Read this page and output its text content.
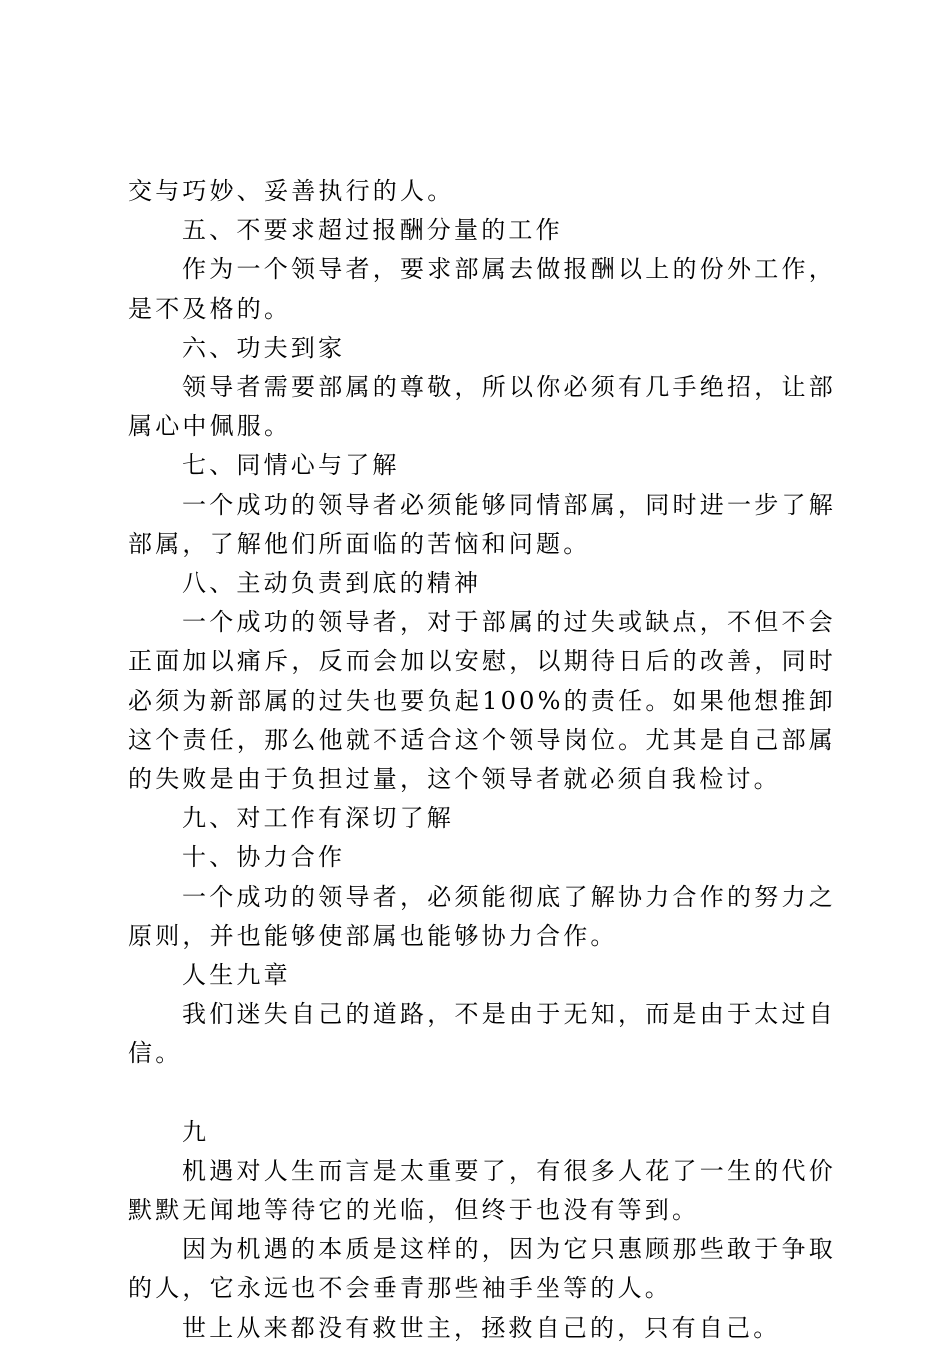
交与巧妙、妥善执行的人。

五、不要求超过报酬分量的工作

作为一个领导者，要求部属去做报酬以上的份外工作，是不及格的。

六、功夫到家

领导者需要部属的尊敬，所以你必须有几手绝招，让部属心中佩服。

七、同情心与了解

一个成功的领导者必须能够同情部属，同时进一步了解部属，了解他们所面临的苦恼和问题。

八、主动负责到底的精神

一个成功的领导者，对于部属的过失或缺点，不但不会正面加以痛斥，反而会加以安慰，以期待日后的改善，同时必须为新部属的过失也要负起100%的责任。如果他想推卸这个责任，那么他就不适合这个领导岗位。尤其是自己部属的失败是由于负担过量，这个领导者就必须自我检讨。

九、对工作有深切了解

十、协力合作

一个成功的领导者，必须能彻底了解协力合作的努力之原则，并也能够使部属也能够协力合作。

人生九章

我们迷失自己的道路，不是由于无知，而是由于太过自信。

九

机遇对人生而言是太重要了，有很多人花了一生的代价默默无闻地等待它的光临，但终于也没有等到。

因为机遇的本质是这样的，因为它只惠顾那些敢于争取的人，它永远也不会垂青那些袖手坐等的人。

世上从来都没有救世主，拯救自己的，只有自己。
